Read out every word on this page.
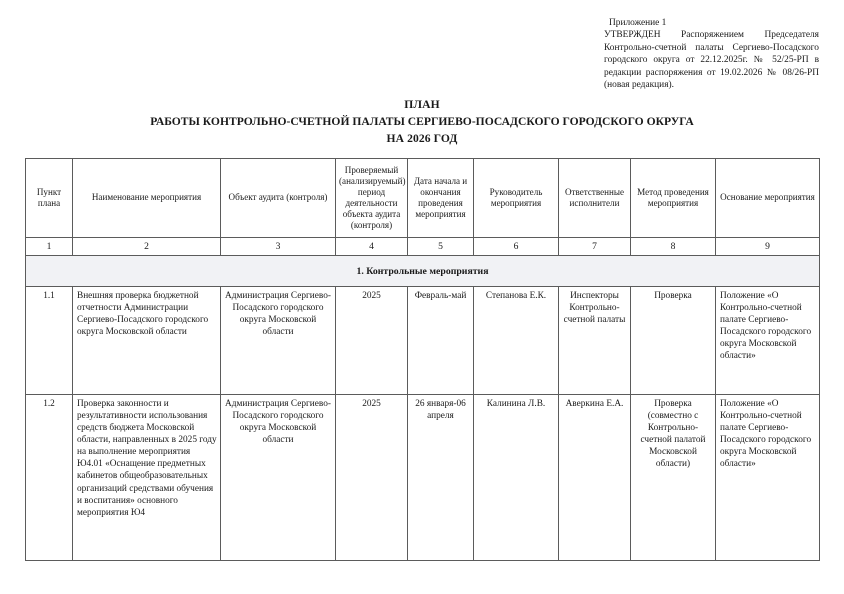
Приложение 1
УТВЕРЖДЕН Распоряжением Председателя Контрольно-счетной палаты Сергиево-Посадского городского округа от 22.12.2025г. № 52/25-РП в редакции распоряжения от 19.02.2026 № 08/26-РП (новая редакция).
ПЛАН
РАБОТЫ КОНТРОЛЬНО-СЧЕТНОЙ ПАЛАТЫ СЕРГИЕВО-ПОСАДСКОГО ГОРОДСКОГО ОКРУГА
НА 2026 ГОД
Пункт плана	Наименование мероприятия	Объект аудита (контроля)	Проверяемый (анализируемый) период деятельности объекта аудита (контроля)	Дата начала и окончания проведения мероприятия	Руководитель мероприятия	Ответственные исполнители	Метод проведения мероприятия	Основание мероприятия
1	2	3	4	5	6	7	8	9
1. Контрольные мероприятия								
1.1	Внешняя проверка бюджетной отчетности Администрации Сергиево-Посадского городского округа Московской области	Администрация Сергиево-Посадского городского округа Московской области	2025	Февраль-май	Степанова Е.К.	Инспекторы Контрольно-счетной палаты	Проверка	Положение «О Контрольно-счетной палате Сергиево-Посадского городского округа Московской области»
1.2	Проверка законности и результативности использования средств бюджета Московской области, направленных в 2025 году на выполнение мероприятия Ю4.01 «Оснащение предметных кабинетов общеобразовательных организаций средствами обучения и воспитания» основного мероприятия Ю4	Администрация Сергиево-Посадского городского округа Московской области	2025	26 января-06 апреля	Калинина Л.В.	Аверкина Е.А.	Проверка (совместно с Контрольно-счетной палатой Московской области)	Положение «О Контрольно-счетной палате Сергиево-Посадского городского округа Московской области»
